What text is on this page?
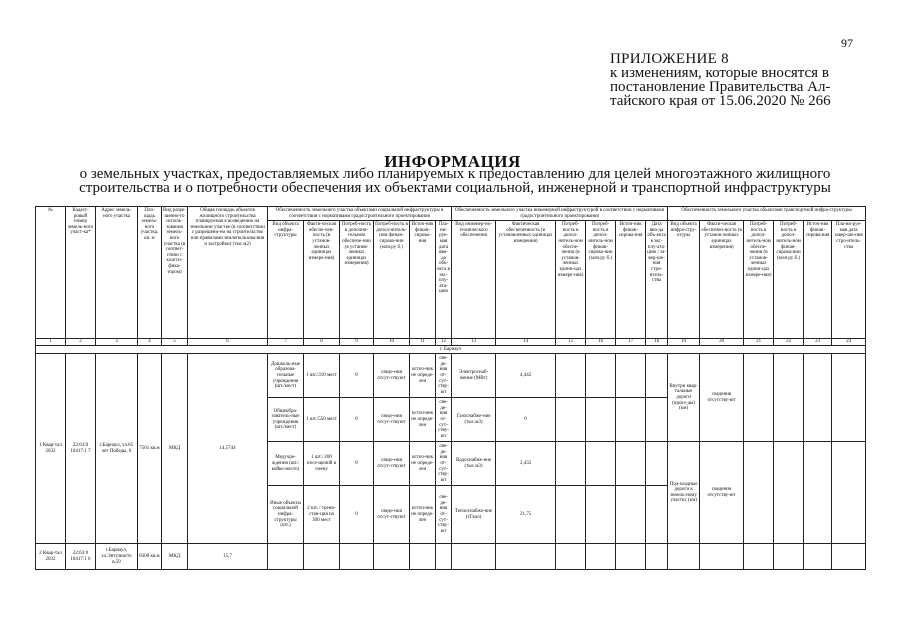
97
ПРИЛОЖЕНИЕ 8
к изменениям, которые вносятся в
постановление Правительства Ал-
тайского края от 15.06.2020 № 266
ИНФОРМАЦИЯ
о земельных участках, предоставляемых либо планируемых к предоставлению для целей многоэтажного жилищного строительства и о потребности обеспечения их объектами социальной, инженерной и транспортной инфраструктуры
№	Кадаст-ровый номер земель-ного участ-ка*	Адрес земель-ного участка	Пло-щадь земель-ного участка, кв. м	Вид разре-шенно-го исполь-зования земель-ного участка (в соответ-ствии с класси-фика-тором)	Общая площадь объектов жилищного строительства планируемая к возведению на земельном участке (в соответствии с разрешени-ем на строительство или правилами землепользова-ния и застройки) (тыс.м2)	Обеспеченность земельного участка объектами социальной инфраструктуры в соответствии с нормативами градостроительного проектирования						Обеспеченность земельного участка инженерной инфраструктурой в соответствии с нормативами градостроительного проектирования						Обеспеченность земельного участка объектами транспортной инфра-структуры					
						Вид объекта инфра-структуры	Факти-ческая обеспе-чен-ность (в установ-ленных единицах измере-ния)	Потреб-ность в дополни-тельном обеспече-нии (в установ-ленных единицах измерения)	Потреб-ность в допол-нитель-ном финан-сирова-нии (млн.ру б.)	Источ-ник финан-сирова-ния	Пла-ни-руе-мая дата вво-да объ-екта в экс-плу-ата-цию	Вид инженер-но-технического обеспечения	Фактическая обеспеченность (в установленных единицах измерения)	Потреб-ность в допол-нитель-ном обеспе-чении (в установ-ленных едини-цах измере-ния)	Потреб-ность в допол-нитель-ном финан-сирова-нии (млн.ру б.)	Источ-ник финан-сирова-ния	Дата вво-да объ-екта в экс-плу-ата-цию / за-вер-ше-ния стро-итель-ства	Вид объекта инфра-стру-ктуры	Факти-ческая обеспечен-ность (в установ-ленных единицах измерения)	Потреб-ность в допол-нитель-ном обеспе-чении (в установ-ленных едини-цах измере-ния)	Потреб-ность в допол-нитель-ном финан-сирова-нии (млн.ру б.)	Источ-ник финан-сирова-ния	Пла-ни-руе-мая дата завер-ше-ния стро-итель-ства
1	2	3	4	5	6	7	8	9	10	11	12	13	14	15	16	17	18	19	20	21	22	23	24
г. Барнаул																							
1 Квар-тал 2032	22:63:0 10417:1 7	г.Барнаул, ул.65 лет Победы, 6	7561 кв.м	МКД	14,5744	Дошколь-ные образова-тельные учреждения (шт./мест)	1 шт./310 мест	0	сведе-ния отсут-ствуют	источ-ник не опреде-лен	све-де-ния от-сут-ству-ют	Электроснаб-жение (МВт)	4,442					Внутри квар-тальные дороги (проез-ды) (км)	сведения отсутству-ют				
						Общеобра-зователь-ные учреждения (шт./мест)	1 шт./550 мест	0	сведе-ния отсут-ствуют	источ-ник не опреде-лен	све-де-ния от-сут-ству-ют	Газоснабже-ние (тыс.м3)	0										
						Медучре-ждения (шт./койко-место)	1 шт./ 200 посе-щений в смену	0	сведе-ния отсут-ствуют	источ-ник не опреде-лен	све-де-ния от-сут-ству-ют	Водоснабже-ние (тыс.м3)	2,432					Под-ъездные дороги к земель-ному участку (км)	сведения отсутству-ют				
						Иные объекты социальной инфра-структуры (шт.)	2 шт. / трени-стан-ция на 300 мест	0	сведе-ния отсут-ствуют	источ-ник не опреде-лен	све-де-ния от-сут-ству-ют	Теплоснабже-ние (тГкал)	21,75										
2 Квар-тал 2032	22:63:0 10417:1 6	г.Барнаул, ул.Энтузиасто в,59	8300 кв.м	МКД	15,7																		
